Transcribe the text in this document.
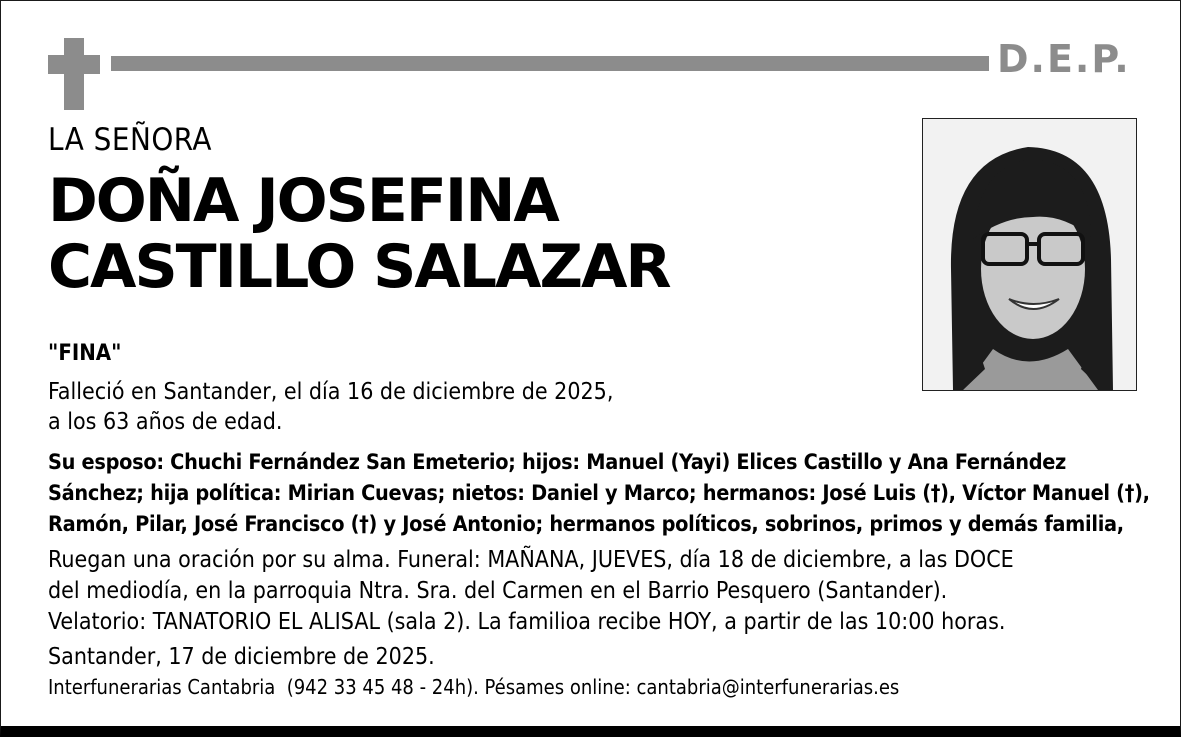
D.E.P.
LA SEÑORA
DOÑA JOSEFINA
CASTILLO SALAZAR
"FINA"
Falleció en Santander, el día 16 de diciembre de 2025,
a los 63 años de edad.
Su esposo: Chuchi Fernández San Emeterio; hijos: Manuel (Yayi) Elices Castillo y Ana Fernández Sánchez; hija política: Mirian Cuevas; nietos: Daniel y Marco; hermanos: José Luis (†), Víctor Manuel (†), Ramón, Pilar, José Francisco (†) y José Antonio; hermanos políticos, sobrinos, primos y demás familia,
Ruegan una oración por su alma. Funeral: MAÑANA, JUEVES, día 18 de diciembre, a las DOCE
del mediodía, en la parroquia Ntra. Sra. del Carmen en el Barrio Pesquero (Santander).
Velatorio: TANATORIO EL ALISAL (sala 2). La familioa recibe HOY, a partir de las 10:00 horas.
Santander, 17 de diciembre de 2025.
Interfunerarias Cantabria  (942 33 45 48 - 24h). Pésames online: cantabria@interfunerarias.es
